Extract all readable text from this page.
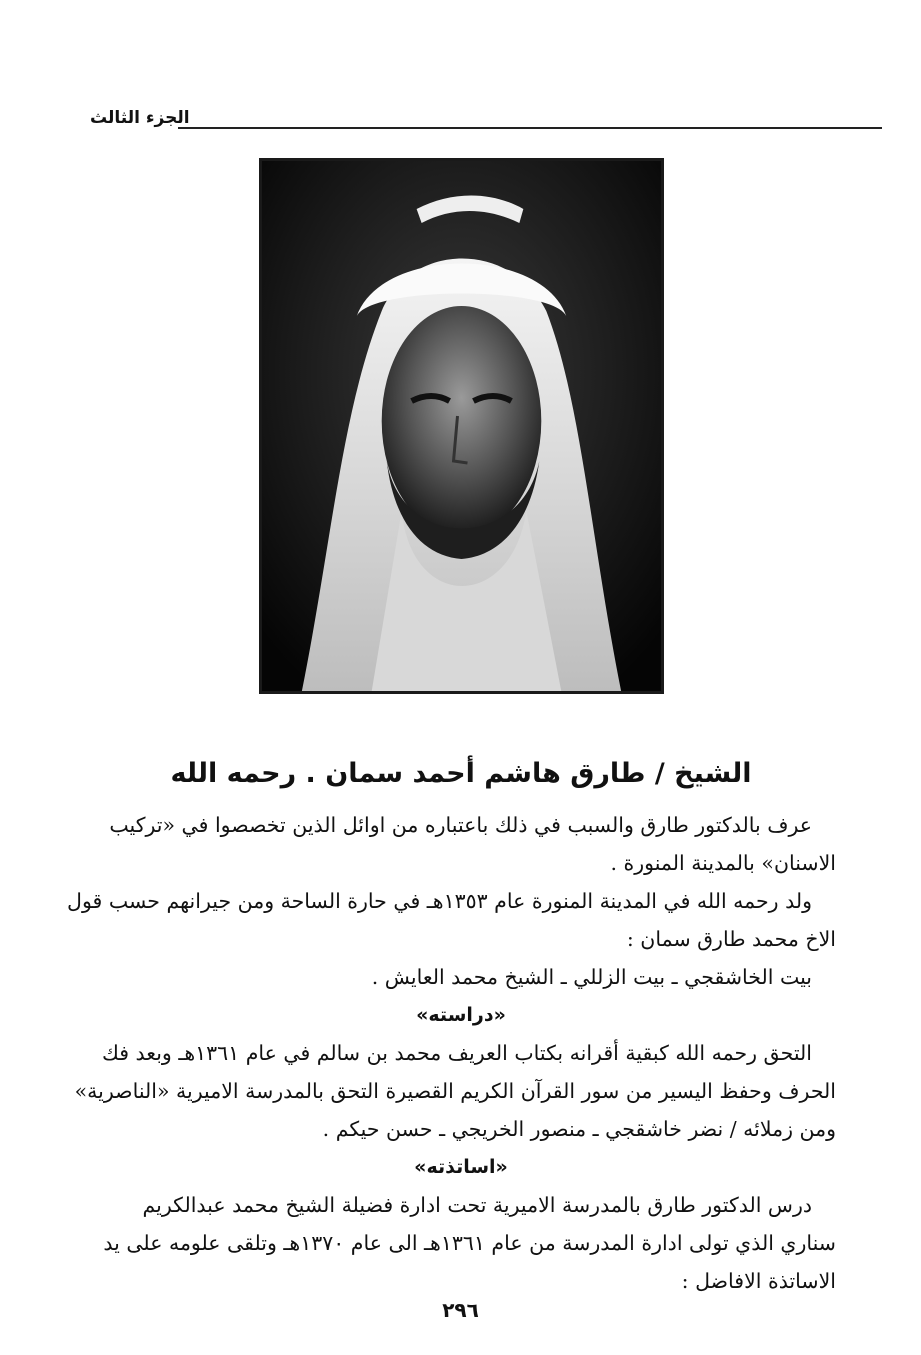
الجزء الثالث
الشيخ / طارق هاشم أحمد سمان . رحمه الله
عرف بالدكتور طارق والسبب في ذلك باعتباره من اوائل الذين تخصصوا في «تركيب
الاسنان» بالمدينة المنورة .
ولد رحمه الله في المدينة المنورة عام ١٣٥٣هـ في حارة الساحة ومن جيرانهم حسب قول
الاخ محمد طارق سمان :
بيت الخاشقجي ـ بيت الزللي ـ الشيخ محمد العايش .
«دراسته»
التحق رحمه الله كبقية أقرانه بكتاب العريف محمد بن سالم في عام ١٣٦١هـ وبعد فك
الحرف وحفظ اليسير من سور القرآن الكريم القصيرة التحق بالمدرسة الاميرية «الناصرية»
ومن زملائه / نضر خاشقجي ـ منصور الخريجي ـ حسن حيكم .
«اساتذته»
درس الدكتور طارق بالمدرسة الاميرية تحت ادارة فضيلة الشيخ محمد عبدالكريم
سناري الذي تولى ادارة المدرسة من عام ١٣٦١هـ الى عام ١٣٧٠هـ وتلقى علومه على يد
الاساتذة الافاضل :
٢٩٦
